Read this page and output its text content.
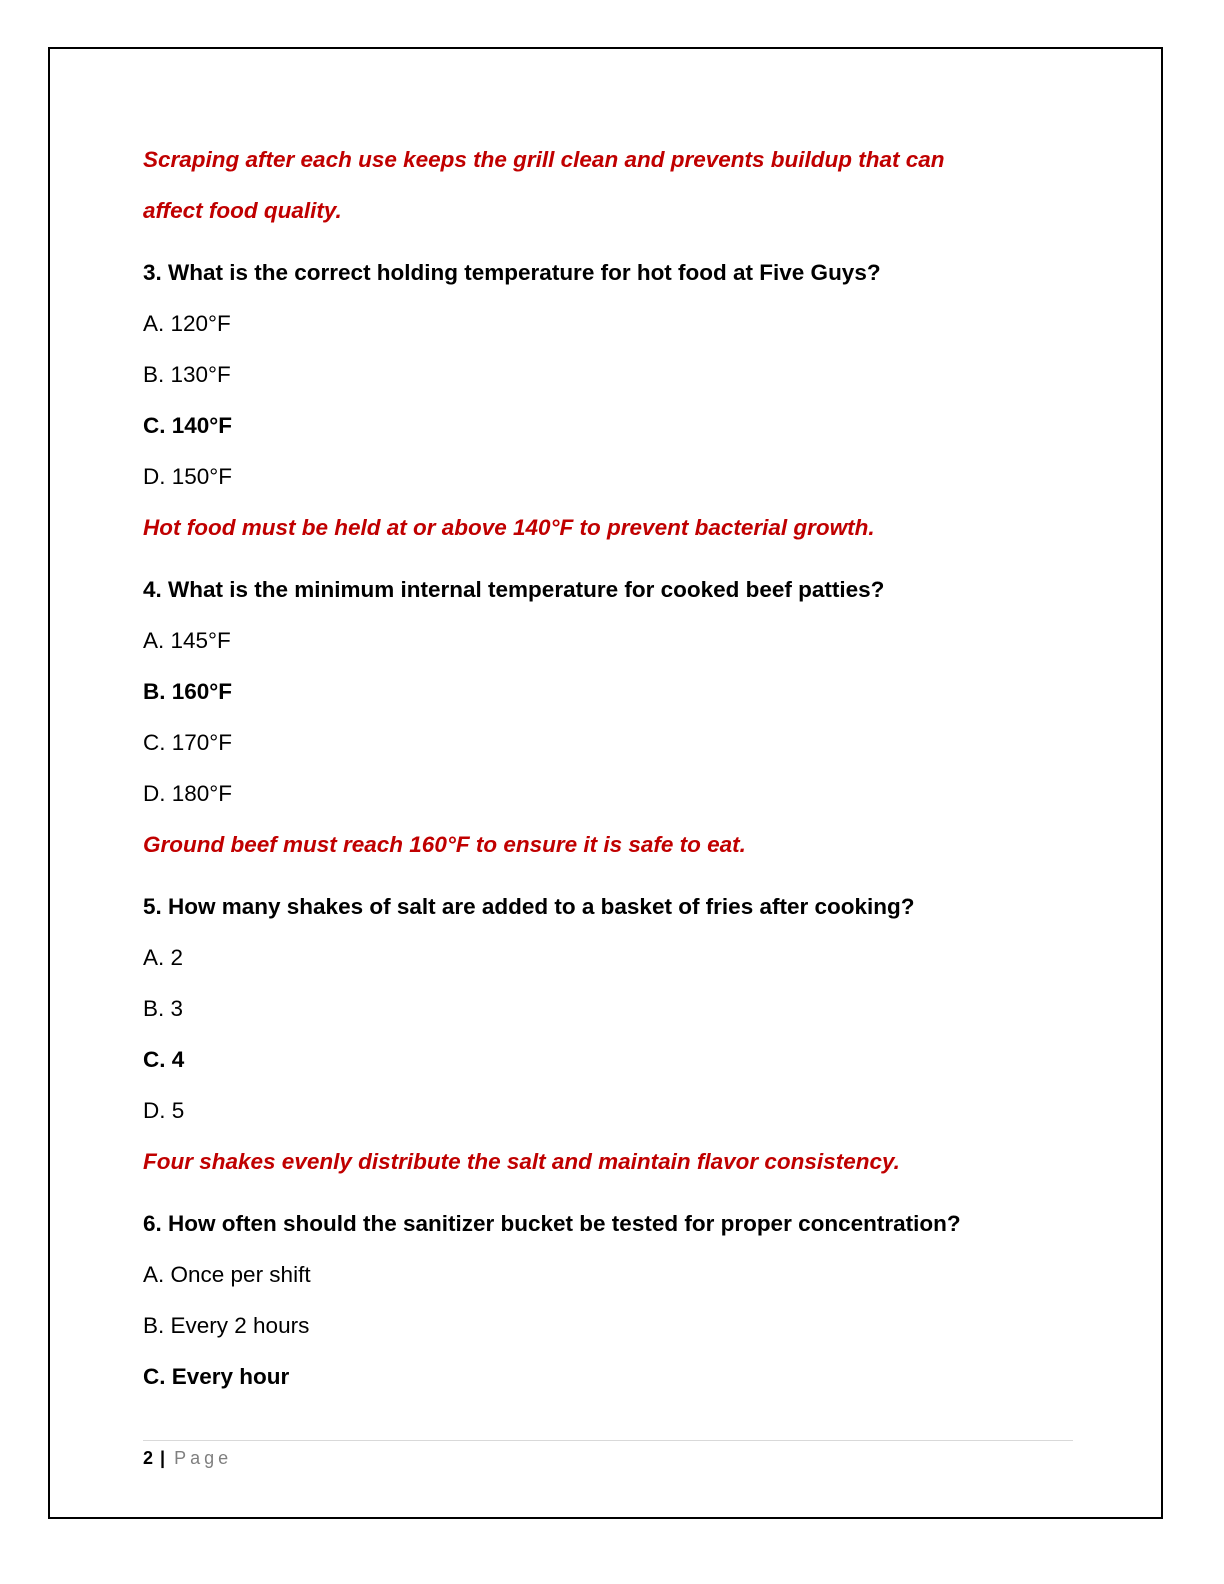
Scraping after each use keeps the grill clean and prevents buildup that can
affect food quality.
3. What is the correct holding temperature for hot food at Five Guys?
A. 120°F
B. 130°F
C. 140°F
D. 150°F
Hot food must be held at or above 140°F to prevent bacterial growth.
4. What is the minimum internal temperature for cooked beef patties?
A. 145°F
B. 160°F
C. 170°F
D. 180°F
Ground beef must reach 160°F to ensure it is safe to eat.
5. How many shakes of salt are added to a basket of fries after cooking?
A. 2
B. 3
C. 4
D. 5
Four shakes evenly distribute the salt and maintain flavor consistency.
6. How often should the sanitizer bucket be tested for proper concentration?
A. Once per shift
B. Every 2 hours
C. Every hour
2 | Page
